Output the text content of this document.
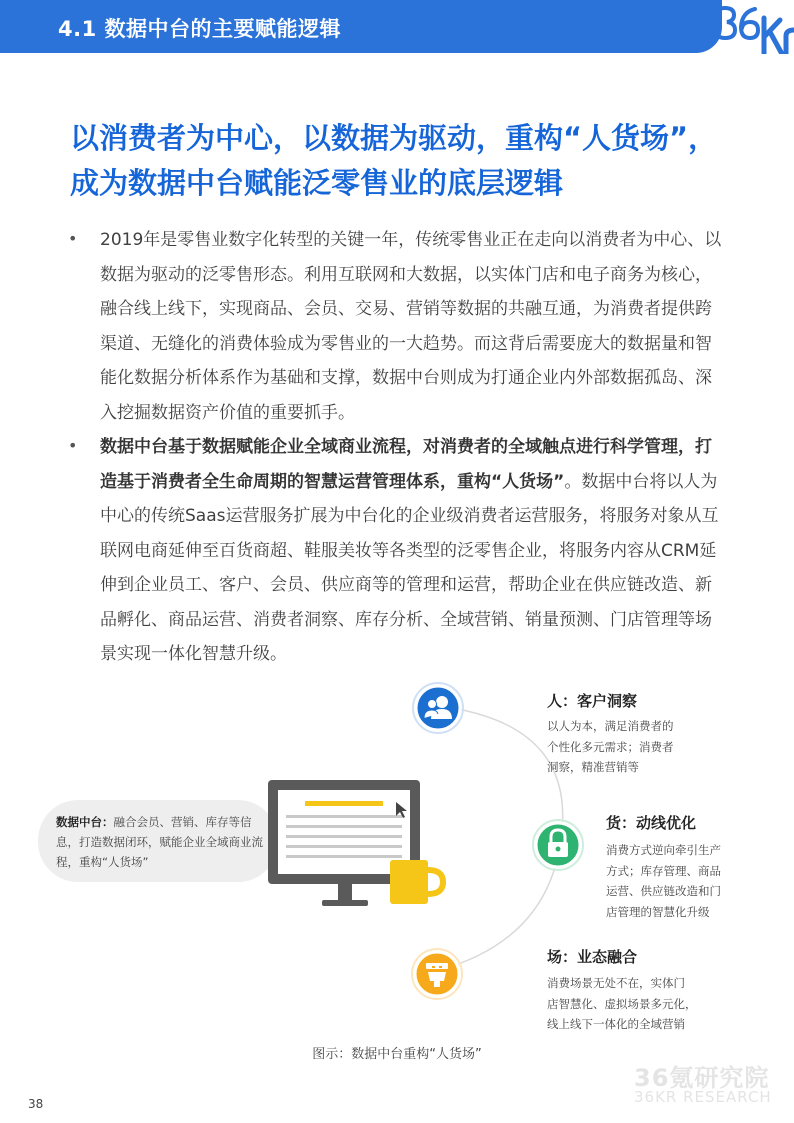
4.1 数据中台的主要赋能逻辑
以消费者为中心，以数据为驱动，重构“人货场”，成为数据中台赋能泛零售业的底层逻辑
• 2019年是零售业数字化转型的关键一年，传统零售业正在走向以消费者为中心、以数据为驱动的泛零售形态。利用互联网和大数据，以实体门店和电子商务为核心，融合线上线下，实现商品、会员、交易、营销等数据的共融互通，为消费者提供跨渠道、无缝化的消费体验成为零售业的一大趋势。而这背后需要庞大的数据量和智能化数据分析体系作为基础和支撑，数据中台则成为打通企业内外部数据孤岛、深入挖掘数据资产价值的重要抓手。
• 数据中台基于数据赋能企业全域商业流程，对消费者的全域触点进行科学管理，打造基于消费者全生命周期的智慧运营管理体系，重构“人货场”。数据中台将以人为中心的传统Saas运营服务扩展为中台化的企业级消费者运营服务，将服务对象从互联网电商延伸至百货商超、鞋服美妆等各类型的泛零售企业，将服务内容从CRM延伸到企业员工、客户、会员、供应商等的管理和运营，帮助企业在供应链改造、新品孵化、商品运营、消费者洞察、库存分析、全域营销、销量预测、门店管理等场景实现一体化智慧升级。
数据中台：融合会员、营销、库存等信息，打造数据闭环，赋能企业全域商业流程，重构“人货场”
人：客户洞察
以人为本，满足消费者的
个性化多元需求；消费者
洞察，精准营销等
货：动线优化
消费方式逆向牵引生产
方式；库存管理、商品
运营、供应链改造和门
店管理的智慧化升级
场：业态融合
消费场景无处不在，实体门
店智慧化、虚拟场景多元化，
线上线下一体化的全域营销
图示：数据中台重构“人货场”
38
36氪研究院
36KR RESEARCH
